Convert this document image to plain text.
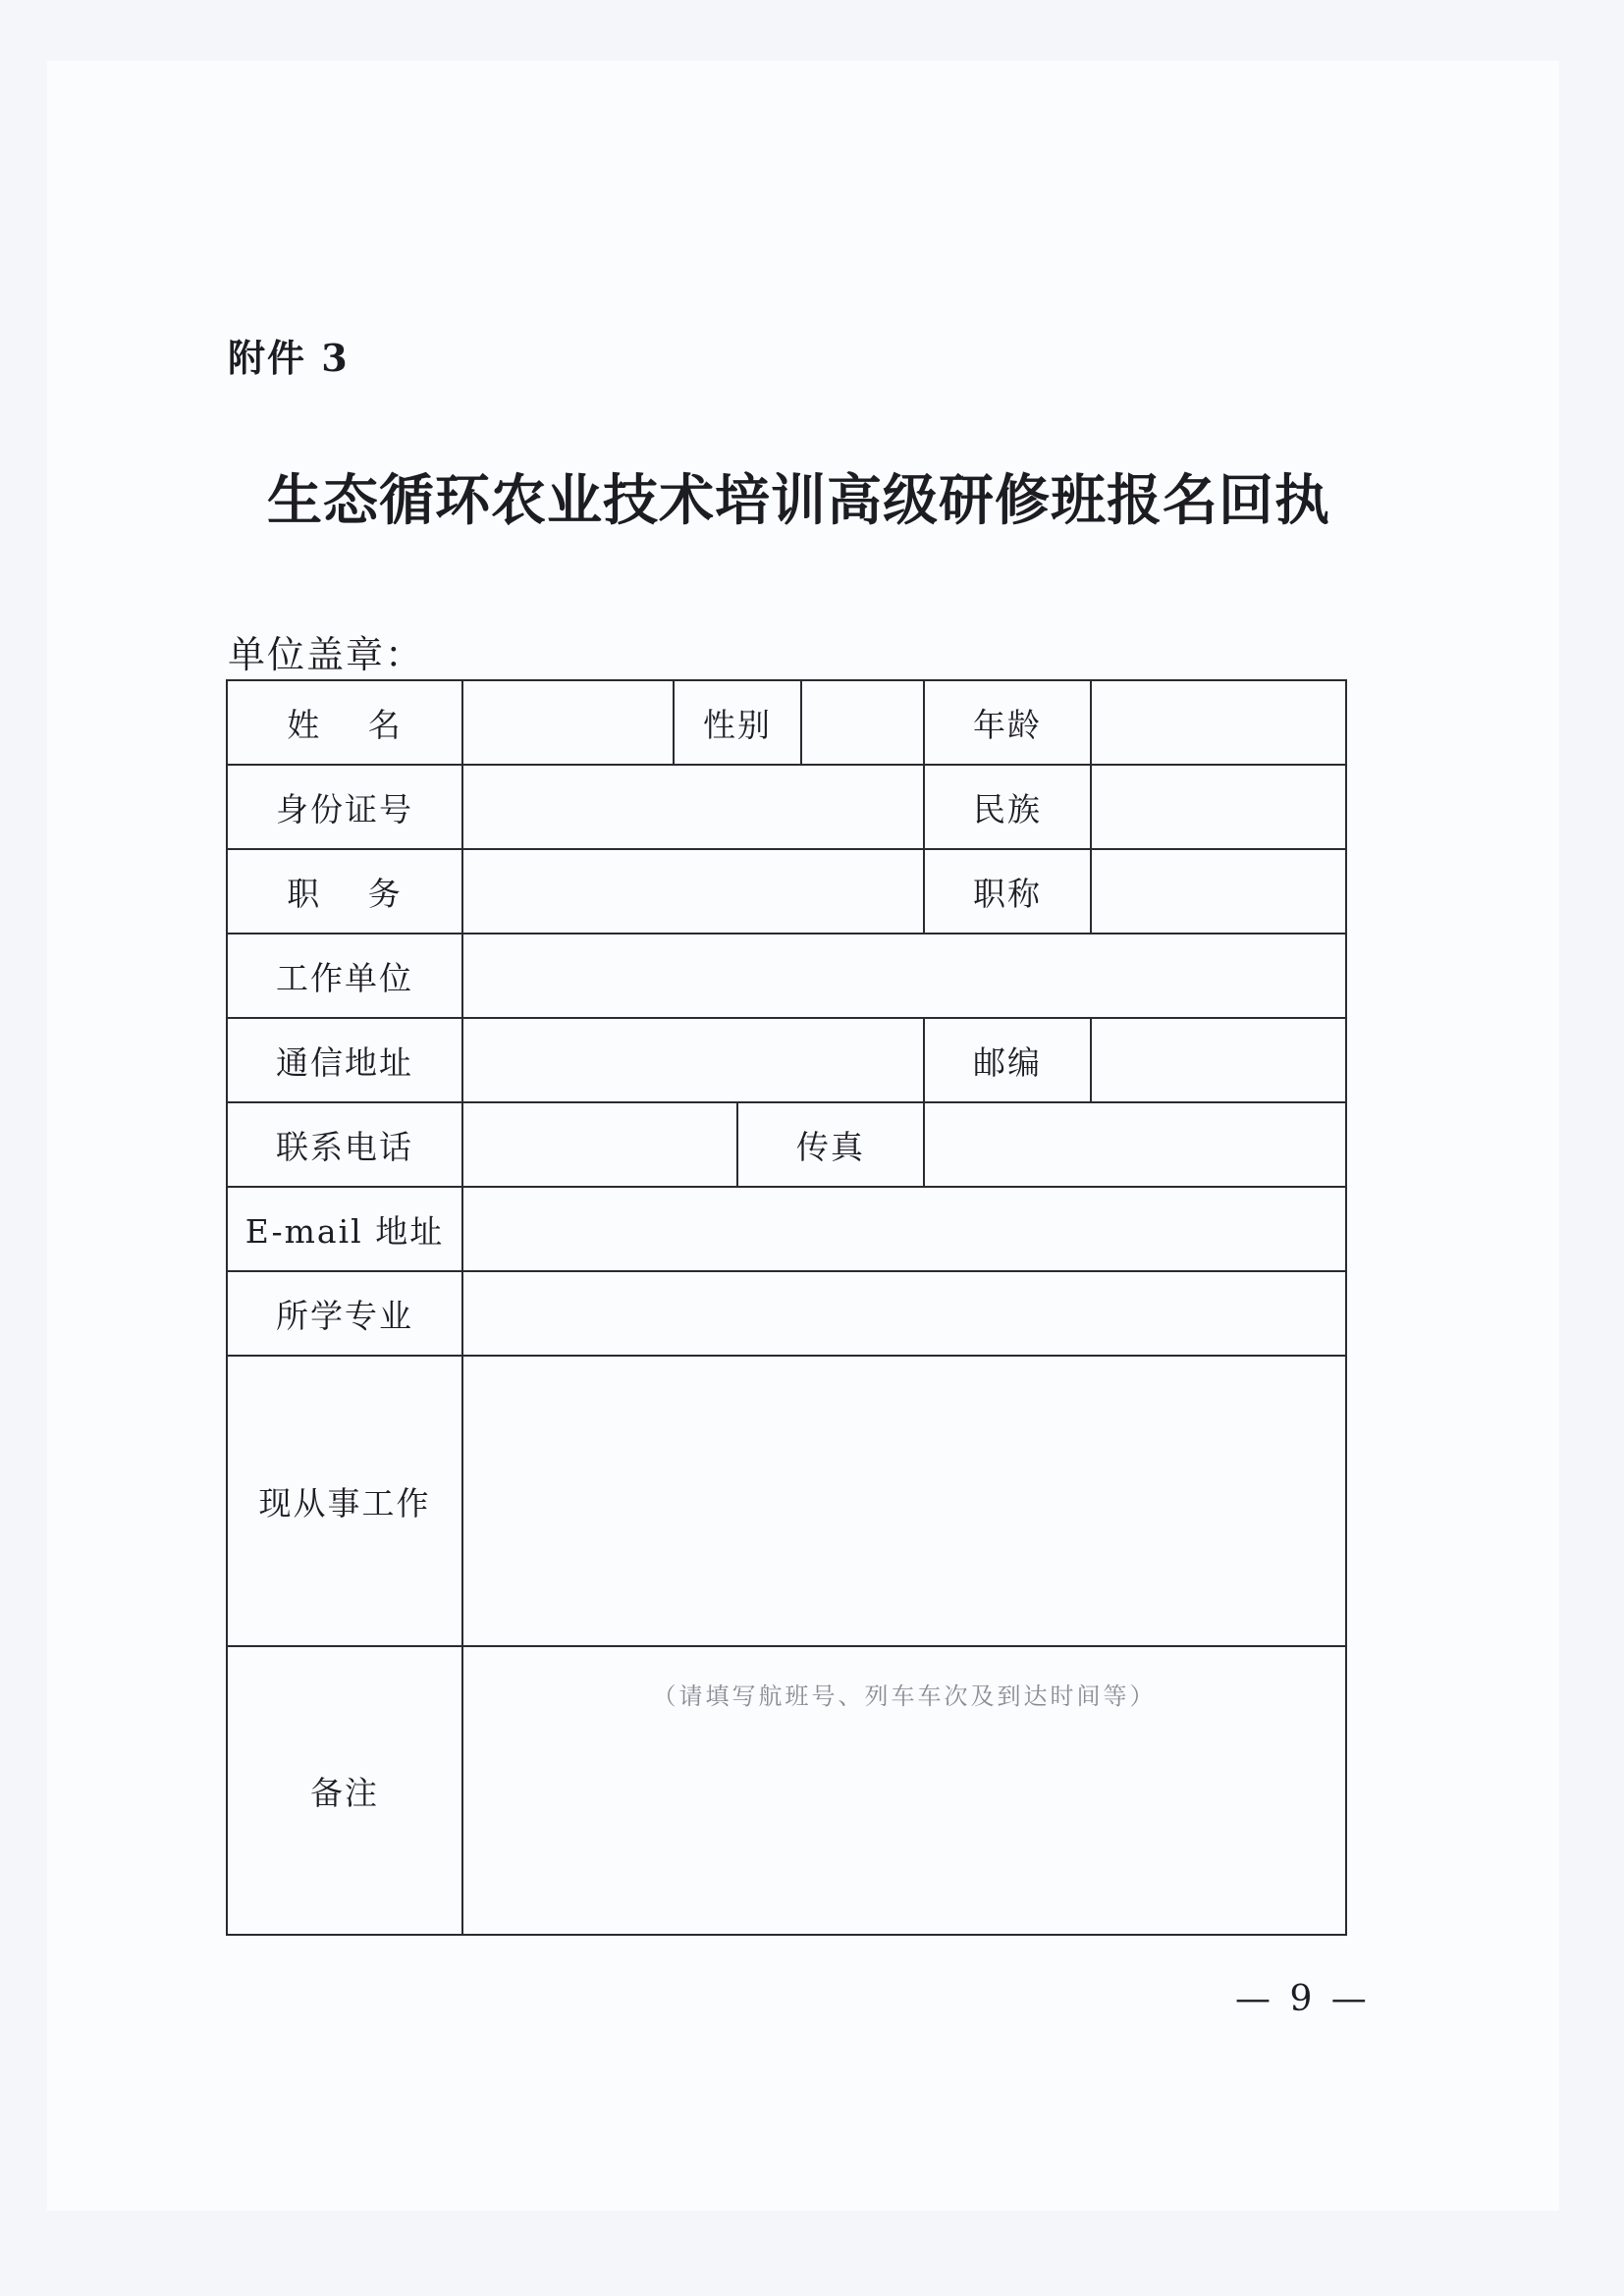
附件 3
生态循环农业技术培训高级研修班报名回执
单位盖章：
姓　 名		性别			年龄	
身份证号					民族	
职　 务					职称	
工作单位						
通信地址					邮编	
联系电话			传真			
E-mail 地址						
所学专业						
现从事工作						
备注	（请填写航班号、列车车次及到达时间等）					
— 9 —
